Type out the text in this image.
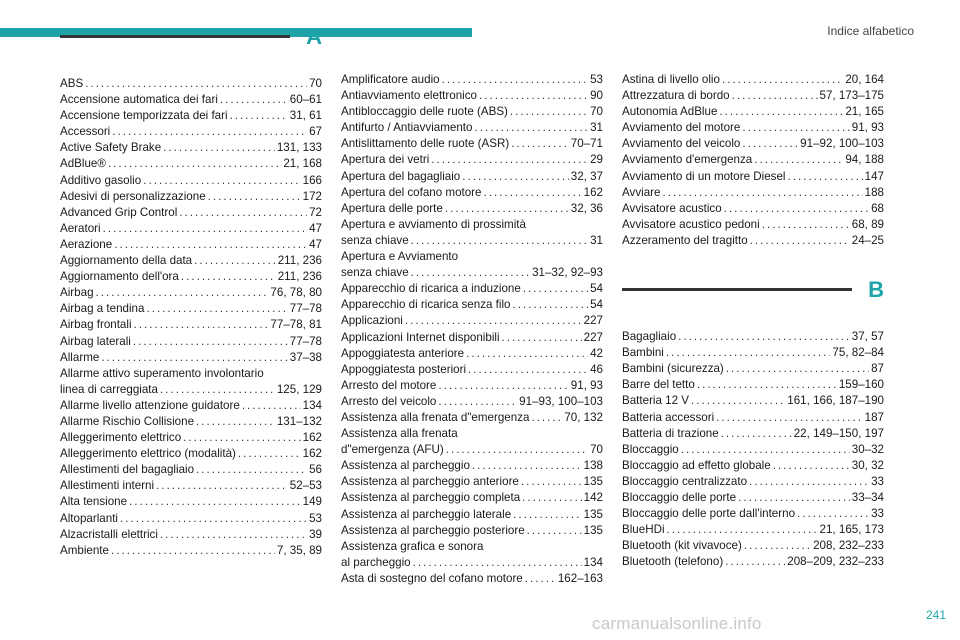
Indice alfabetico
A
ABS . . .	70
Accensione automatica dei fari . . .	60–61
Accensione temporizzata dei fari . . .	31, 61
Accessori . . .	67
Active Safety Brake . . .	131, 133
AdBlue® . . .	21, 168
Additivo gasolio . . .	166
Adesivi di personalizzazione . . .	172
Advanced Grip Control . . .	72
Aeratori . . .	47
Aerazione . . .	47
Aggiornamento della data . . .	211, 236
Aggiornamento dell'ora . . .	211, 236
Airbag . . .	76, 78, 80
Airbag a tendina . . .	77–78
Airbag frontali . . .	77–78, 81
Airbag laterali . . .	77–78
Allarme . . .	37–38
Allarme attivo superamento involontario
linea di carreggiata . . .	125, 129
Allarme livello attenzione guidatore . . .	134
Allarme Rischio Collisione . . .	131–132
Alleggerimento elettrico . . .	162
Alleggerimento elettrico (modalità) . . .	162
Allestimenti del bagagliaio . . .	56
Allestimenti interni . . .	52–53
Alta tensione . . .	149
Altoparlanti . . .	53
Alzacristalli elettrici . . .	39
Ambiente . . .	7, 35, 89
Amplificatore audio . . .	53
Antiavviamento elettronico . . .	90
Antibloccaggio delle ruote (ABS) . . .	70
Antifurto / Antiavviamento . . .	31
Antislittamento delle ruote (ASR) . . .	70–71
Apertura dei vetri . . .	29
Apertura del bagagliaio . . .	32, 37
Apertura del cofano motore . . .	162
Apertura delle porte . . .	32, 36
Apertura e avviamento di prossimità
senza chiave . . .	31
Apertura e Avviamento
senza chiave . . .	31–32, 92–93
Apparecchio di ricarica a induzione . . .	54
Apparecchio di ricarica senza filo . . .	54
Applicazioni . . .	227
Applicazioni Internet disponibili . . .	227
Appoggiatesta anteriore . . .	42
Appoggiatesta posteriori . . .	46
Arresto del motore . . .	91, 93
Arresto del veicolo . . .	91–93, 100–103
Assistenza alla frenata d"emergenza . . .	70, 132
Assistenza alla frenata
d"emergenza (AFU) . . .	70
Assistenza al parcheggio . . .	138
Assistenza al parcheggio anteriore . . .	135
Assistenza al parcheggio completa . . .	142
Assistenza al parcheggio laterale . . .	135
Assistenza al parcheggio posteriore . . .	135
Assistenza grafica e sonora
al parcheggio . . .	134
Asta di sostegno del cofano motore . . .	162–163
Astina di livello olio . . .	20, 164
Attrezzatura di bordo . . .	57, 173–175
Autonomia AdBlue . . .	21, 165
Avviamento del motore . . .	91, 93
Avviamento del veicolo . . .	91–92, 100–103
Avviamento d'emergenza . . .	94, 188
Avviamento di un motore Diesel . . .	147
Avviare . . .	188
Avvisatore acustico . . .	68
Avvisatore acustico pedoni . . .	68, 89
Azzeramento del tragitto . . .	24–25
B
Bagagliaio . . .	37, 57
Bambini . . .	75, 82–84
Bambini (sicurezza) . . .	87
Barre del tetto . . .	159–160
Batteria 12 V . . .	161, 166, 187–190
Batteria accessori . . .	187
Batteria di trazione . . .	22, 149–150, 197
Bloccaggio . . .	30–32
Bloccaggio ad effetto globale . . .	30, 32
Bloccaggio centralizzato . . .	33
Bloccaggio delle porte . . .	33–34
Bloccaggio delle porte dall'interno . . .	33
BlueHDi . . .	21, 165, 173
Bluetooth (kit vivavoce) . . .	208, 232–233
Bluetooth (telefono) . . .	208–209, 232–233
241
carmanualsonline.info
